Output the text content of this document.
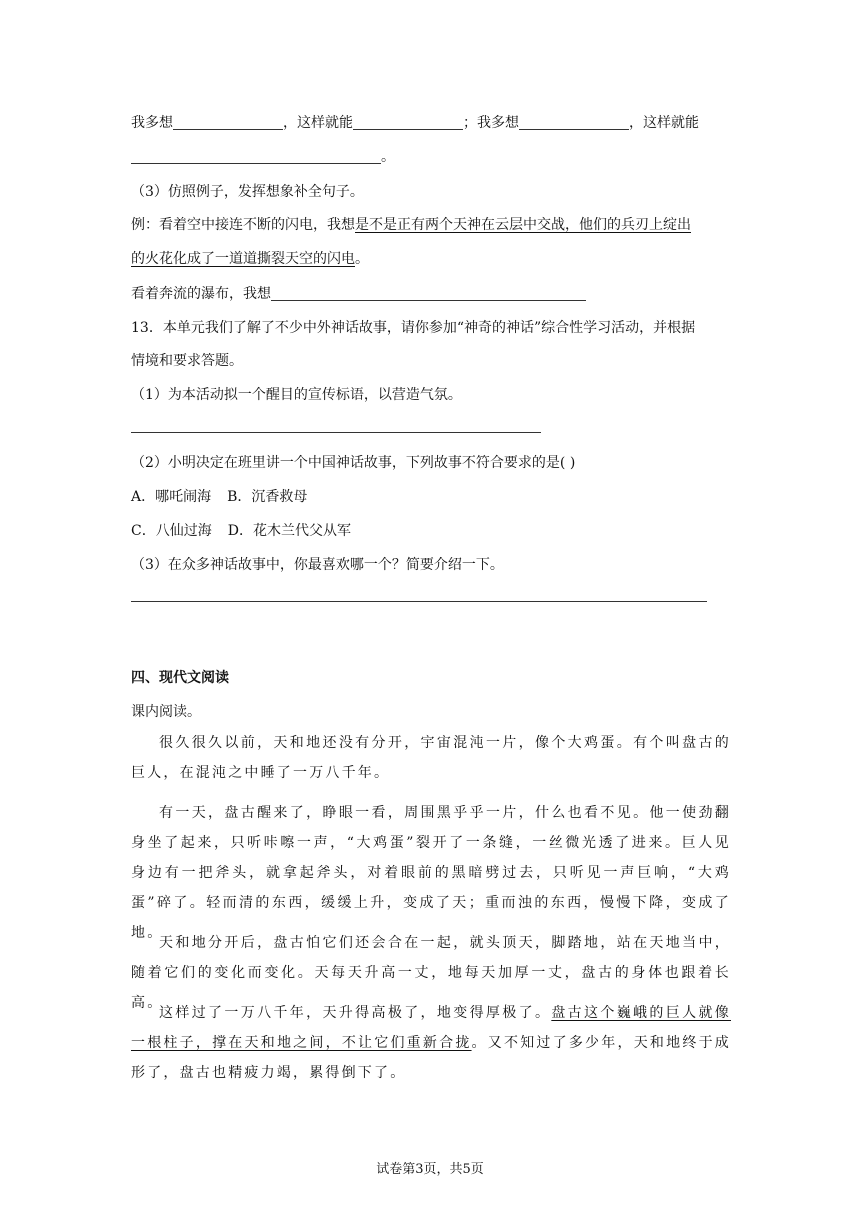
我多想	，这样就能	；我多想	，这样就能
。
（3）仿照例子，发挥想象补全句子。
例：看着空中接连不断的闪电，我想是不是正有两个天神在云层中交战，他们的兵刃上绽出
的火花化成了一道道撕裂天空的闪电。
看着奔流的瀑布，我想
13．本单元我们了解了不少中外神话故事，请你参加“神奇的神话”综合性学习活动，并根据
情境和要求答题。
（1）为本活动拟一个醒目的宣传标语，以营造气氛。
（2）小明决定在班里讲一个中国神话故事，下列故事不符合要求的是( )
A．哪吒闹海 B．沉香救母
C．八仙过海 D．花木兰代父从军
（3）在众多神话故事中，你最喜欢哪一个？简要介绍一下。
四、现代文阅读
课内阅读。
很久很久以前，天和地还没有分开，宇宙混沌一片，像个大鸡蛋。有个叫盘古的巨人，在混沌之中睡了一万八千年。
有一天，盘古醒来了，睁眼一看，周围黑乎乎一片，什么也看不见。他一使劲翻身坐了起来，只听咔嚓一声，“大鸡蛋”裂开了一条缝，一丝微光透了进来。巨人见身边有一把斧头，就拿起斧头，对着眼前的黑暗劈过去，只听见一声巨响，“大鸡蛋”碎了。轻而清的东西，缓缓上升，变成了天；重而浊的东西，慢慢下降，变成了地。
天和地分开后，盘古怕它们还会合在一起，就头顶天，脚踏地，站在天地当中，随着它们的变化而变化。天每天升高一丈，地每天加厚一丈，盘古的身体也跟着长高。
这样过了一万八千年，天升得高极了，地变得厚极了。盘古这个巍峨的巨人就像一根柱子，撑在天和地之间，不让它们重新合拢。又不知过了多少年，天和地终于成形了，盘古也精疲力竭，累得倒下了。
试卷第3页，共5页
